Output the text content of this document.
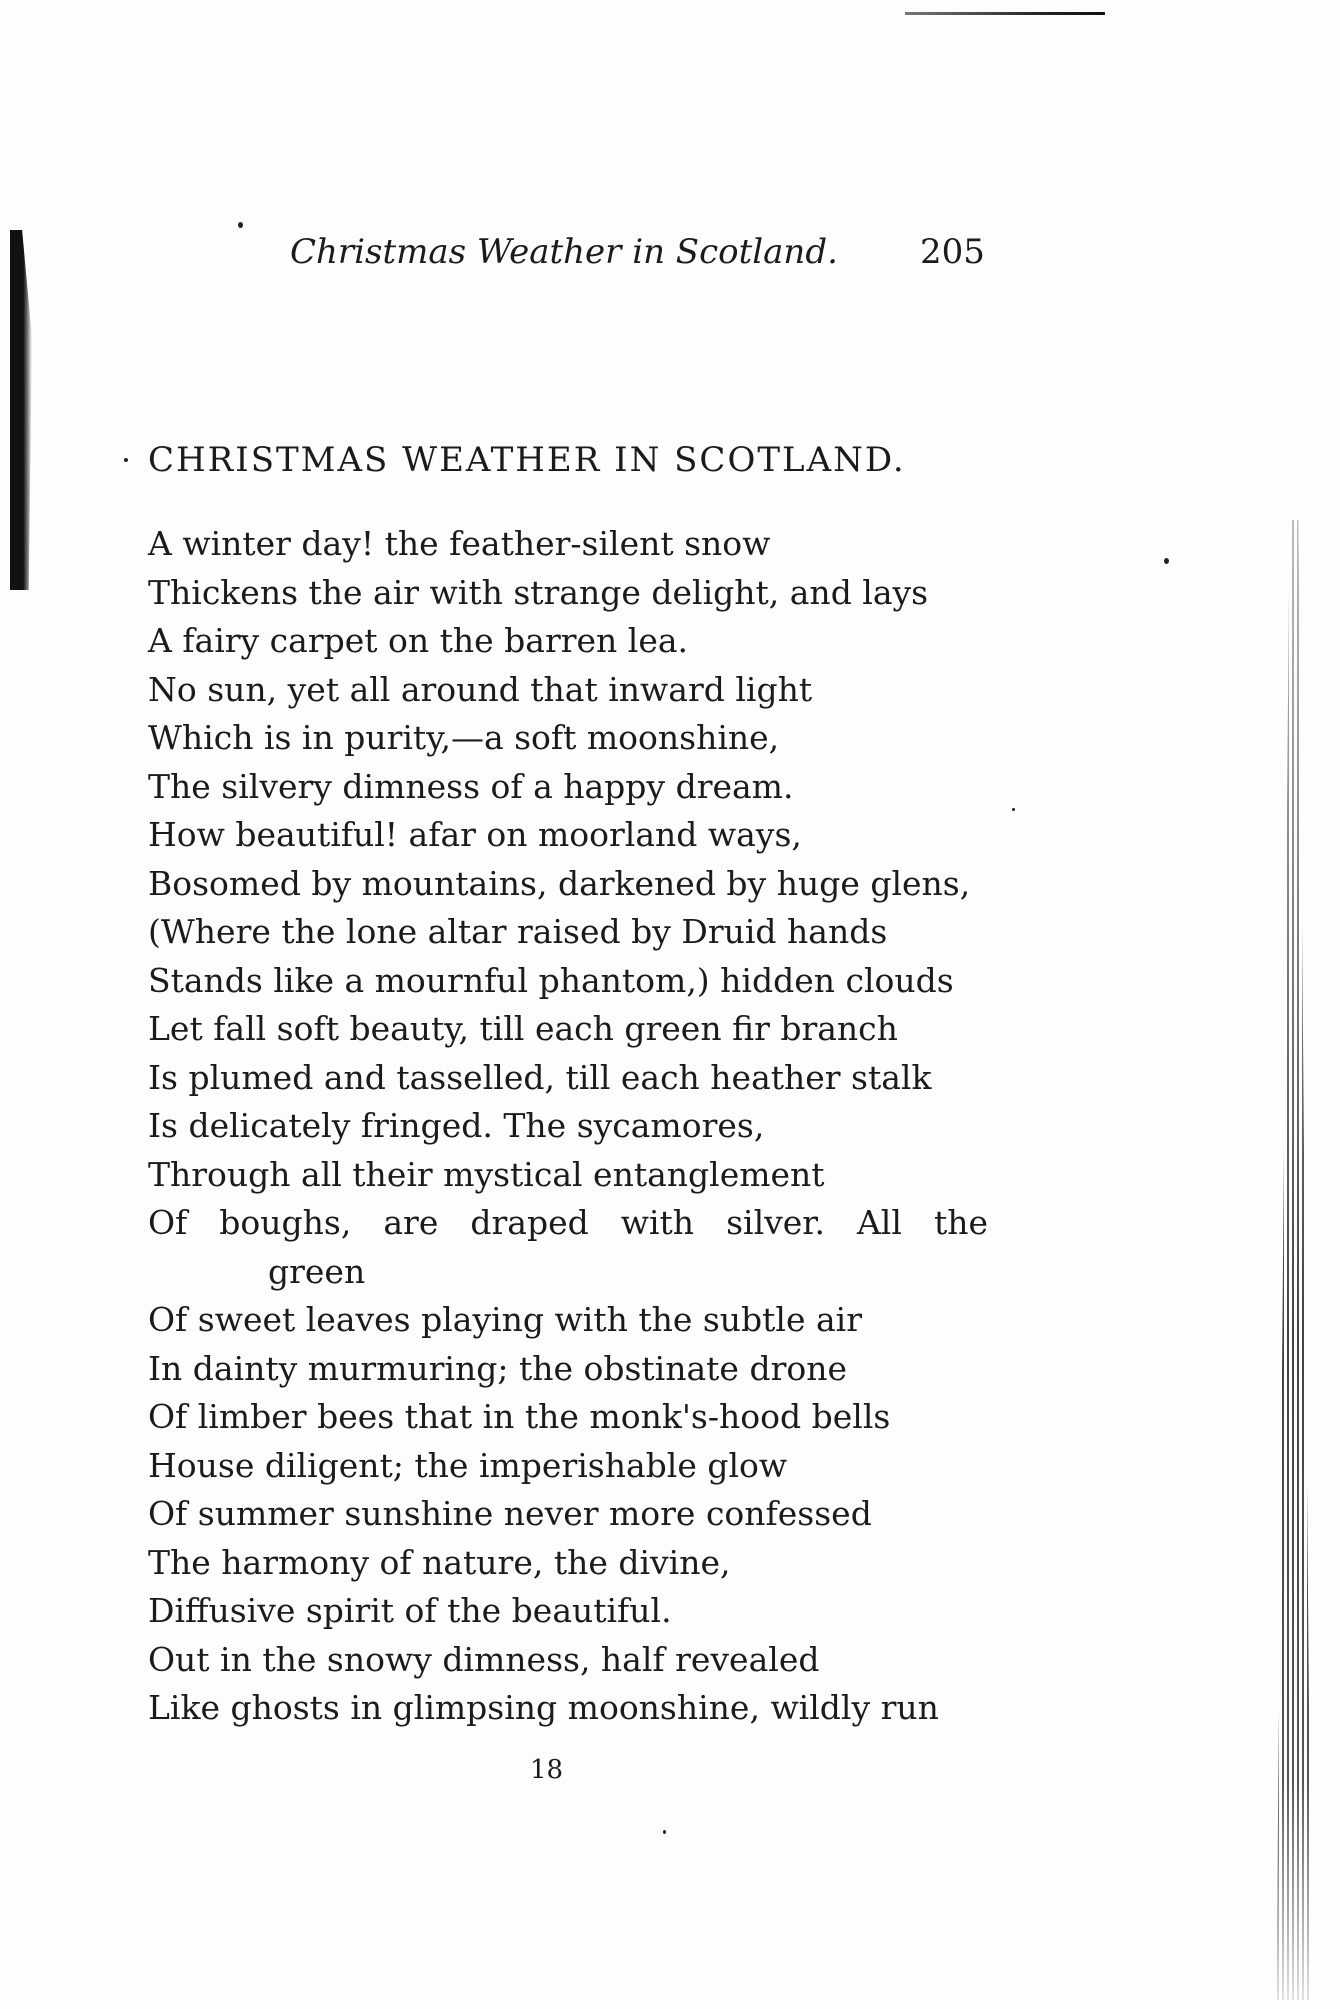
Christmas Weather in Scotland. 205
CHRISTMAS WEATHER IN SCOTLAND.
A winter day! the feather-silent snow
Thickens the air with strange delight, and lays
A fairy carpet on the barren lea.
No sun, yet all around that inward light
Which is in purity,—a soft moonshine,
The silvery dimness of a happy dream.
How beautiful! afar on moorland ways,
Bosomed by mountains, darkened by huge glens,
(Where the lone altar raised by Druid hands
Stands like a mournful phantom,) hidden clouds
Let fall soft beauty, till each green fir branch
Is plumed and tasselled, till each heather stalk
Is delicately fringed. The sycamores,
Through all their mystical entanglement
Of boughs, are draped with silver. All the
green
Of sweet leaves playing with the subtle air
In dainty murmuring; the obstinate drone
Of limber bees that in the monk's-hood bells
House diligent; the imperishable glow
Of summer sunshine never more confessed
The harmony of nature, the divine,
Diffusive spirit of the beautiful.
Out in the snowy dimness, half revealed
Like ghosts in glimpsing moonshine, wildly run
18
